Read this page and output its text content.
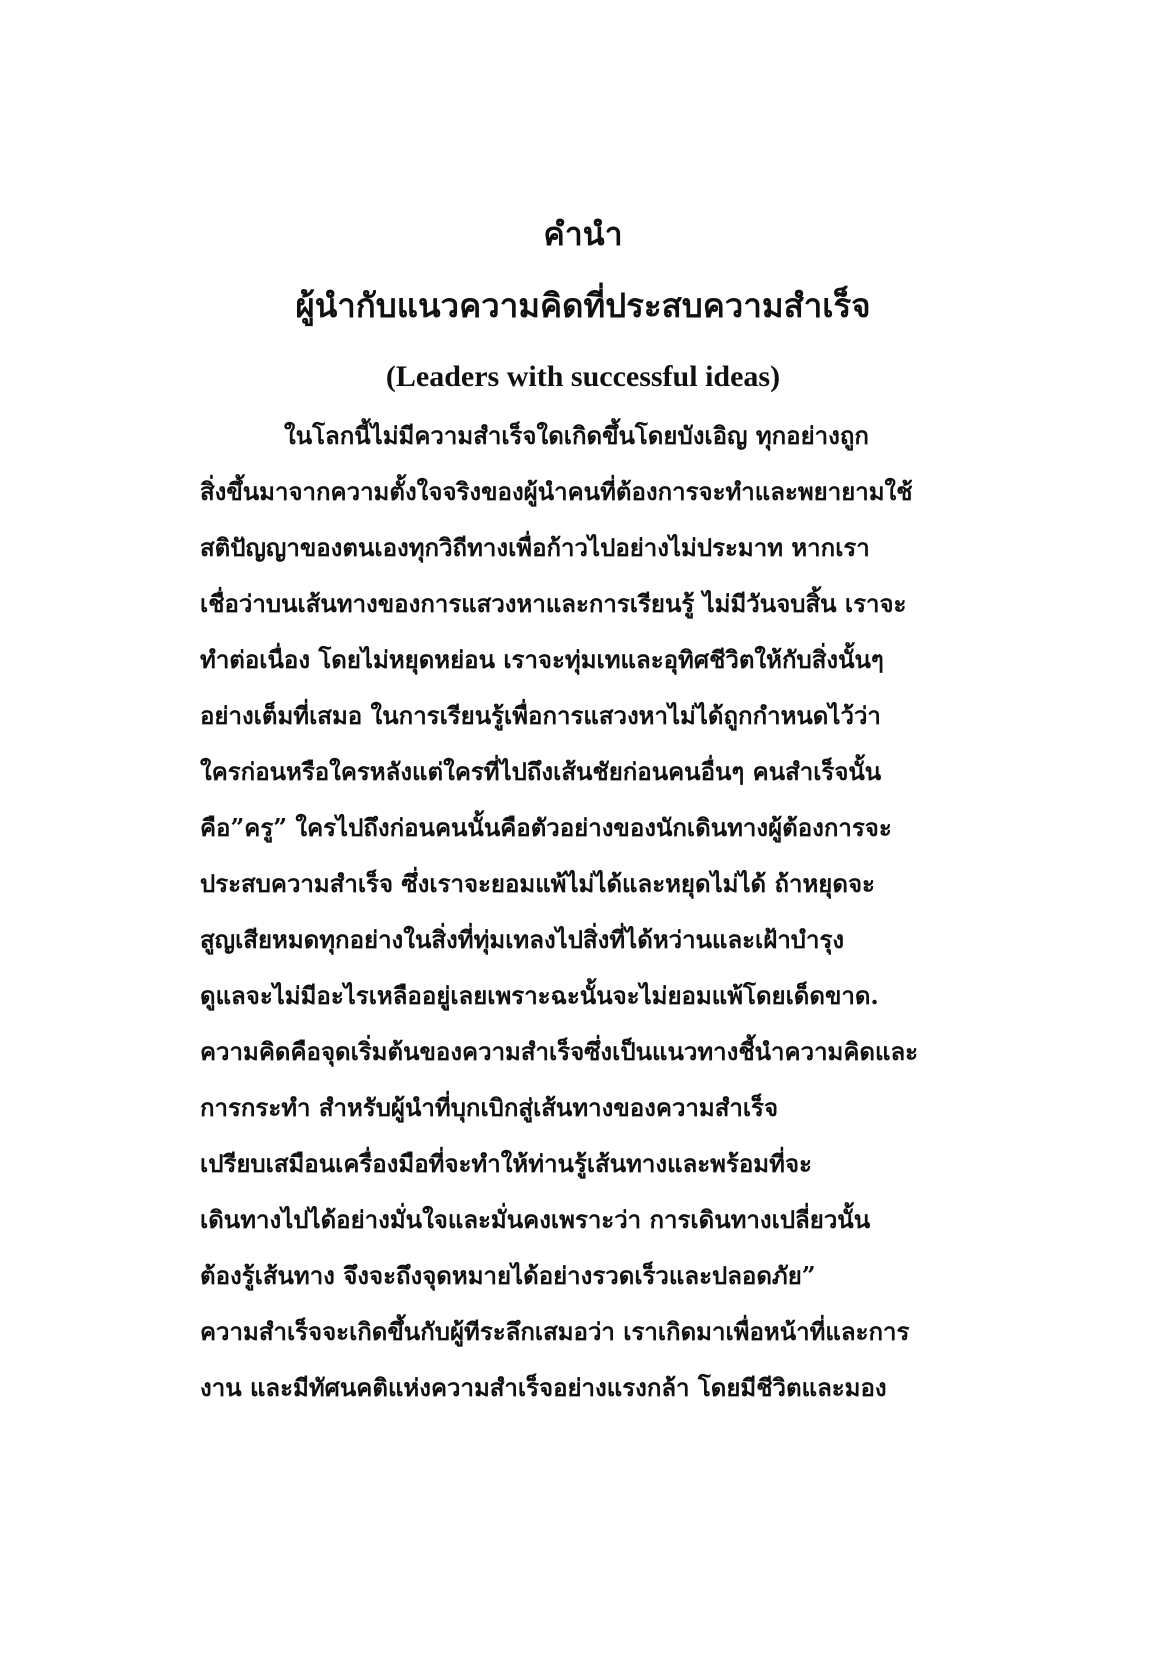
คำนำ
ผู้นำกับแนวความคิดที่ประสบความสำเร็จ
(Leaders with successful ideas)
ในโลกนี้ไม่มีความสำเร็จใดเกิดขึ้นโดยบังเอิญ ทุกอย่างถูก
สิ่งขึ้นมาจากความตั้งใจจริงของผู้นำคนที่ต้องการจะทำและพยายามใช้
สติปัญญาของตนเองทุกวิถีทางเพื่อก้าวไปอย่างไม่ประมาท หากเรา
เชื่อว่าบนเส้นทางของการแสวงหาและการเรียนรู้ ไม่มีวันจบสิ้น เราจะ
ทำต่อเนื่อง โดยไม่หยุดหย่อน เราจะทุ่มเทและอุทิศชีวิตให้กับสิ่งนั้นๆ
อย่างเต็มที่เสมอ ในการเรียนรู้เพื่อการแสวงหาไม่ได้ถูกกำหนดไว้ว่า
ใครก่อนหรือใครหลังแต่ใครที่ไปถึงเส้นชัยก่อนคนอื่นๆ คนสำเร็จนั้น
คือ”ครู” ใครไปถึงก่อนคนนั้นคือตัวอย่างของนักเดินทางผู้ต้องการจะ
ประสบความสำเร็จ ซึ่งเราจะยอมแพ้ไม่ได้และหยุดไม่ได้ ถ้าหยุดจะ
สูญเสียหมดทุกอย่างในสิ่งที่ทุ่มเทลงไปสิ่งที่ได้หว่านและเฝ้าบำรุง
ดูแลจะไม่มีอะไรเหลืออยู่เลยเพราะฉะนั้นจะไม่ยอมแพ้โดยเด็ดขาด.
ความคิดคือจุดเริ่มต้นของความสำเร็จซึ่งเป็นแนวทางชี้นำความคิดและ
การกระทำ สำหรับผู้นำที่บุกเบิกสู่เส้นทางของความสำเร็จ
เปรียบเสมือนเครื่องมือที่จะทำให้ท่านรู้เส้นทางและพร้อมที่จะ
เดินทางไปได้อย่างมั่นใจและมั่นคงเพราะว่า การเดินทางเปลี่ยวนั้น
ต้องรู้เส้นทาง จึงจะถึงจุดหมายได้อย่างรวดเร็วและปลอดภัย”
ความสำเร็จจะเกิดขึ้นกับผู้ทีระลึกเสมอว่า เราเกิดมาเพื่อหน้าที่และการ
งาน และมีทัศนคติแห่งความสำเร็จอย่างแรงกล้า โดยมีชีวิตและมอง
